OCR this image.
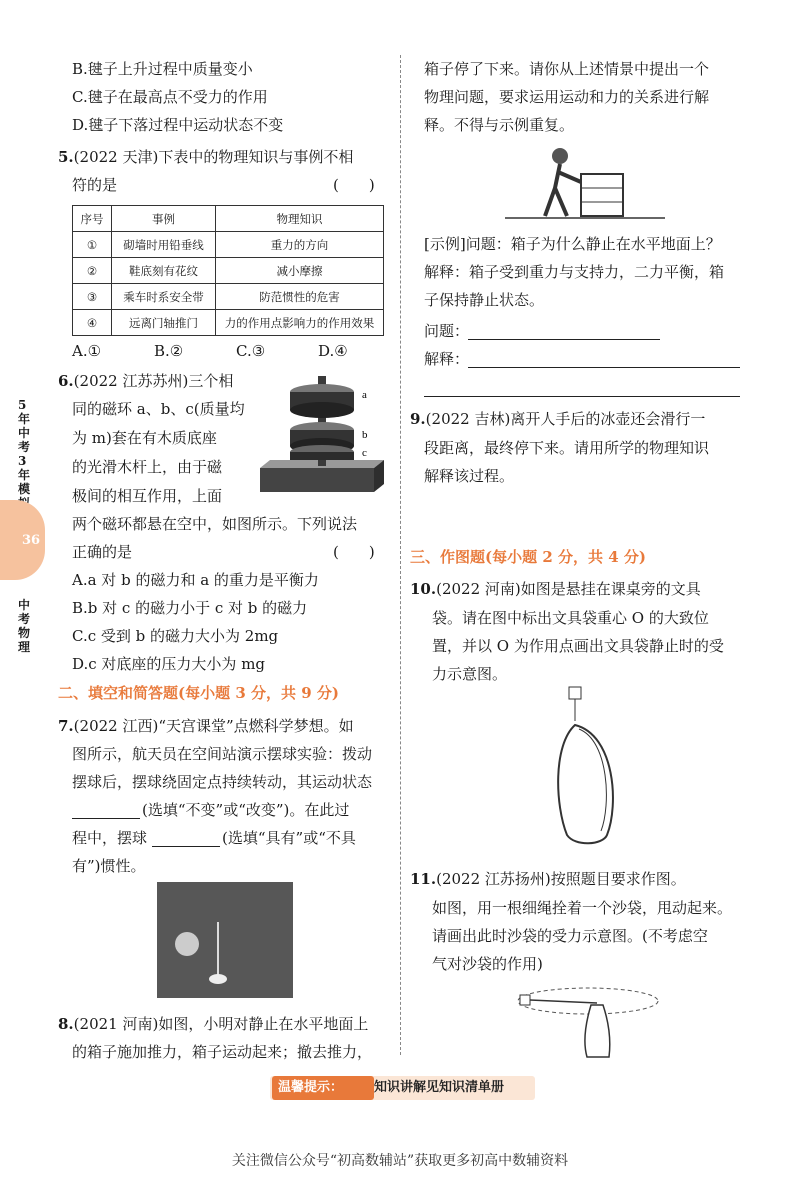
5年中考3年模
36
中考物理
B.毽子上升过程中质量变小
C.毽子在最高点不受力的作用
D.毽子下落过程中运动状态不变
5.(2022 天津)下表中的物理知识与事例不相
符的是	(　　)
序号	事例	物理知识
①	砌墙时用铅垂线	重力的方向
②	鞋底刻有花纹	减小摩擦
③	乘车时系安全带	防范惯性的危害
④	远离门轴推门	力的作用点影响力的作用效果
A.①	B.②	C.③	D.④
6.(2022 江苏苏州)三个相
同的磁环 a、b、c(质量均
为 m)套在有木质底座
的光滑木杆上，由于磁
极间的相互作用，上面
两个磁环都悬在空中，如图所示。下列说法
正确的是	(　　)
a
b
c
A.a 对 b 的磁力和 a 的重力是平衡力
B.b 对 c 的磁力小于 c 对 b 的磁力
C.c 受到 b 的磁力大小为 2mg
D.c 对底座的压力大小为 mg
二、填空和简答题(每小题 3 分，共 9 分)
7.(2022 江西)“天宫课堂”点燃科学梦想。如
图所示，航天员在空间站演示摆球实验：拨动
摆球后，摆球绕固定点持续转动，其运动状态
(选填“不变”或“改变”)。在此过
程中，摆球	(选填“具有”或“不具
有”)惯性。
8.(2021 河南)如图，小明对静止在水平地面上
的箱子施加推力，箱子运动起来；撤去推力，
箱子停了下来。请你从上述情景中提出一个
物理问题，要求运用运动和力的关系进行解
释。不得与示例重复。
[示例]问题：箱子为什么静止在水平地面上？
解释：箱子受到重力与支持力，二力平衡，箱
子保持静止状态。
问题：
解释：
9.(2022 吉林)离开人手后的冰壶还会滑行一
段距离，最终停下来。请用所学的物理知识
解释该过程。
三、作图题(每小题 2 分，共 4 分)
10.(2022 河南)如图是悬挂在课桌旁的文具
袋。请在图中标出文具袋重心 O 的大致位
置，并以 O 为作用点画出文具袋静止时的受
力示意图。
11.(2022 江苏扬州)按照题目要求作图。
如图，用一根细绳拴着一个沙袋，甩动起来。
请画出此时沙袋的受力示意图。(不考虑空
气对沙袋的作用)
温馨提示：	知识讲解见知识清单册
关注微信公众号“初高数辅站”获取更多初高中数辅资料
